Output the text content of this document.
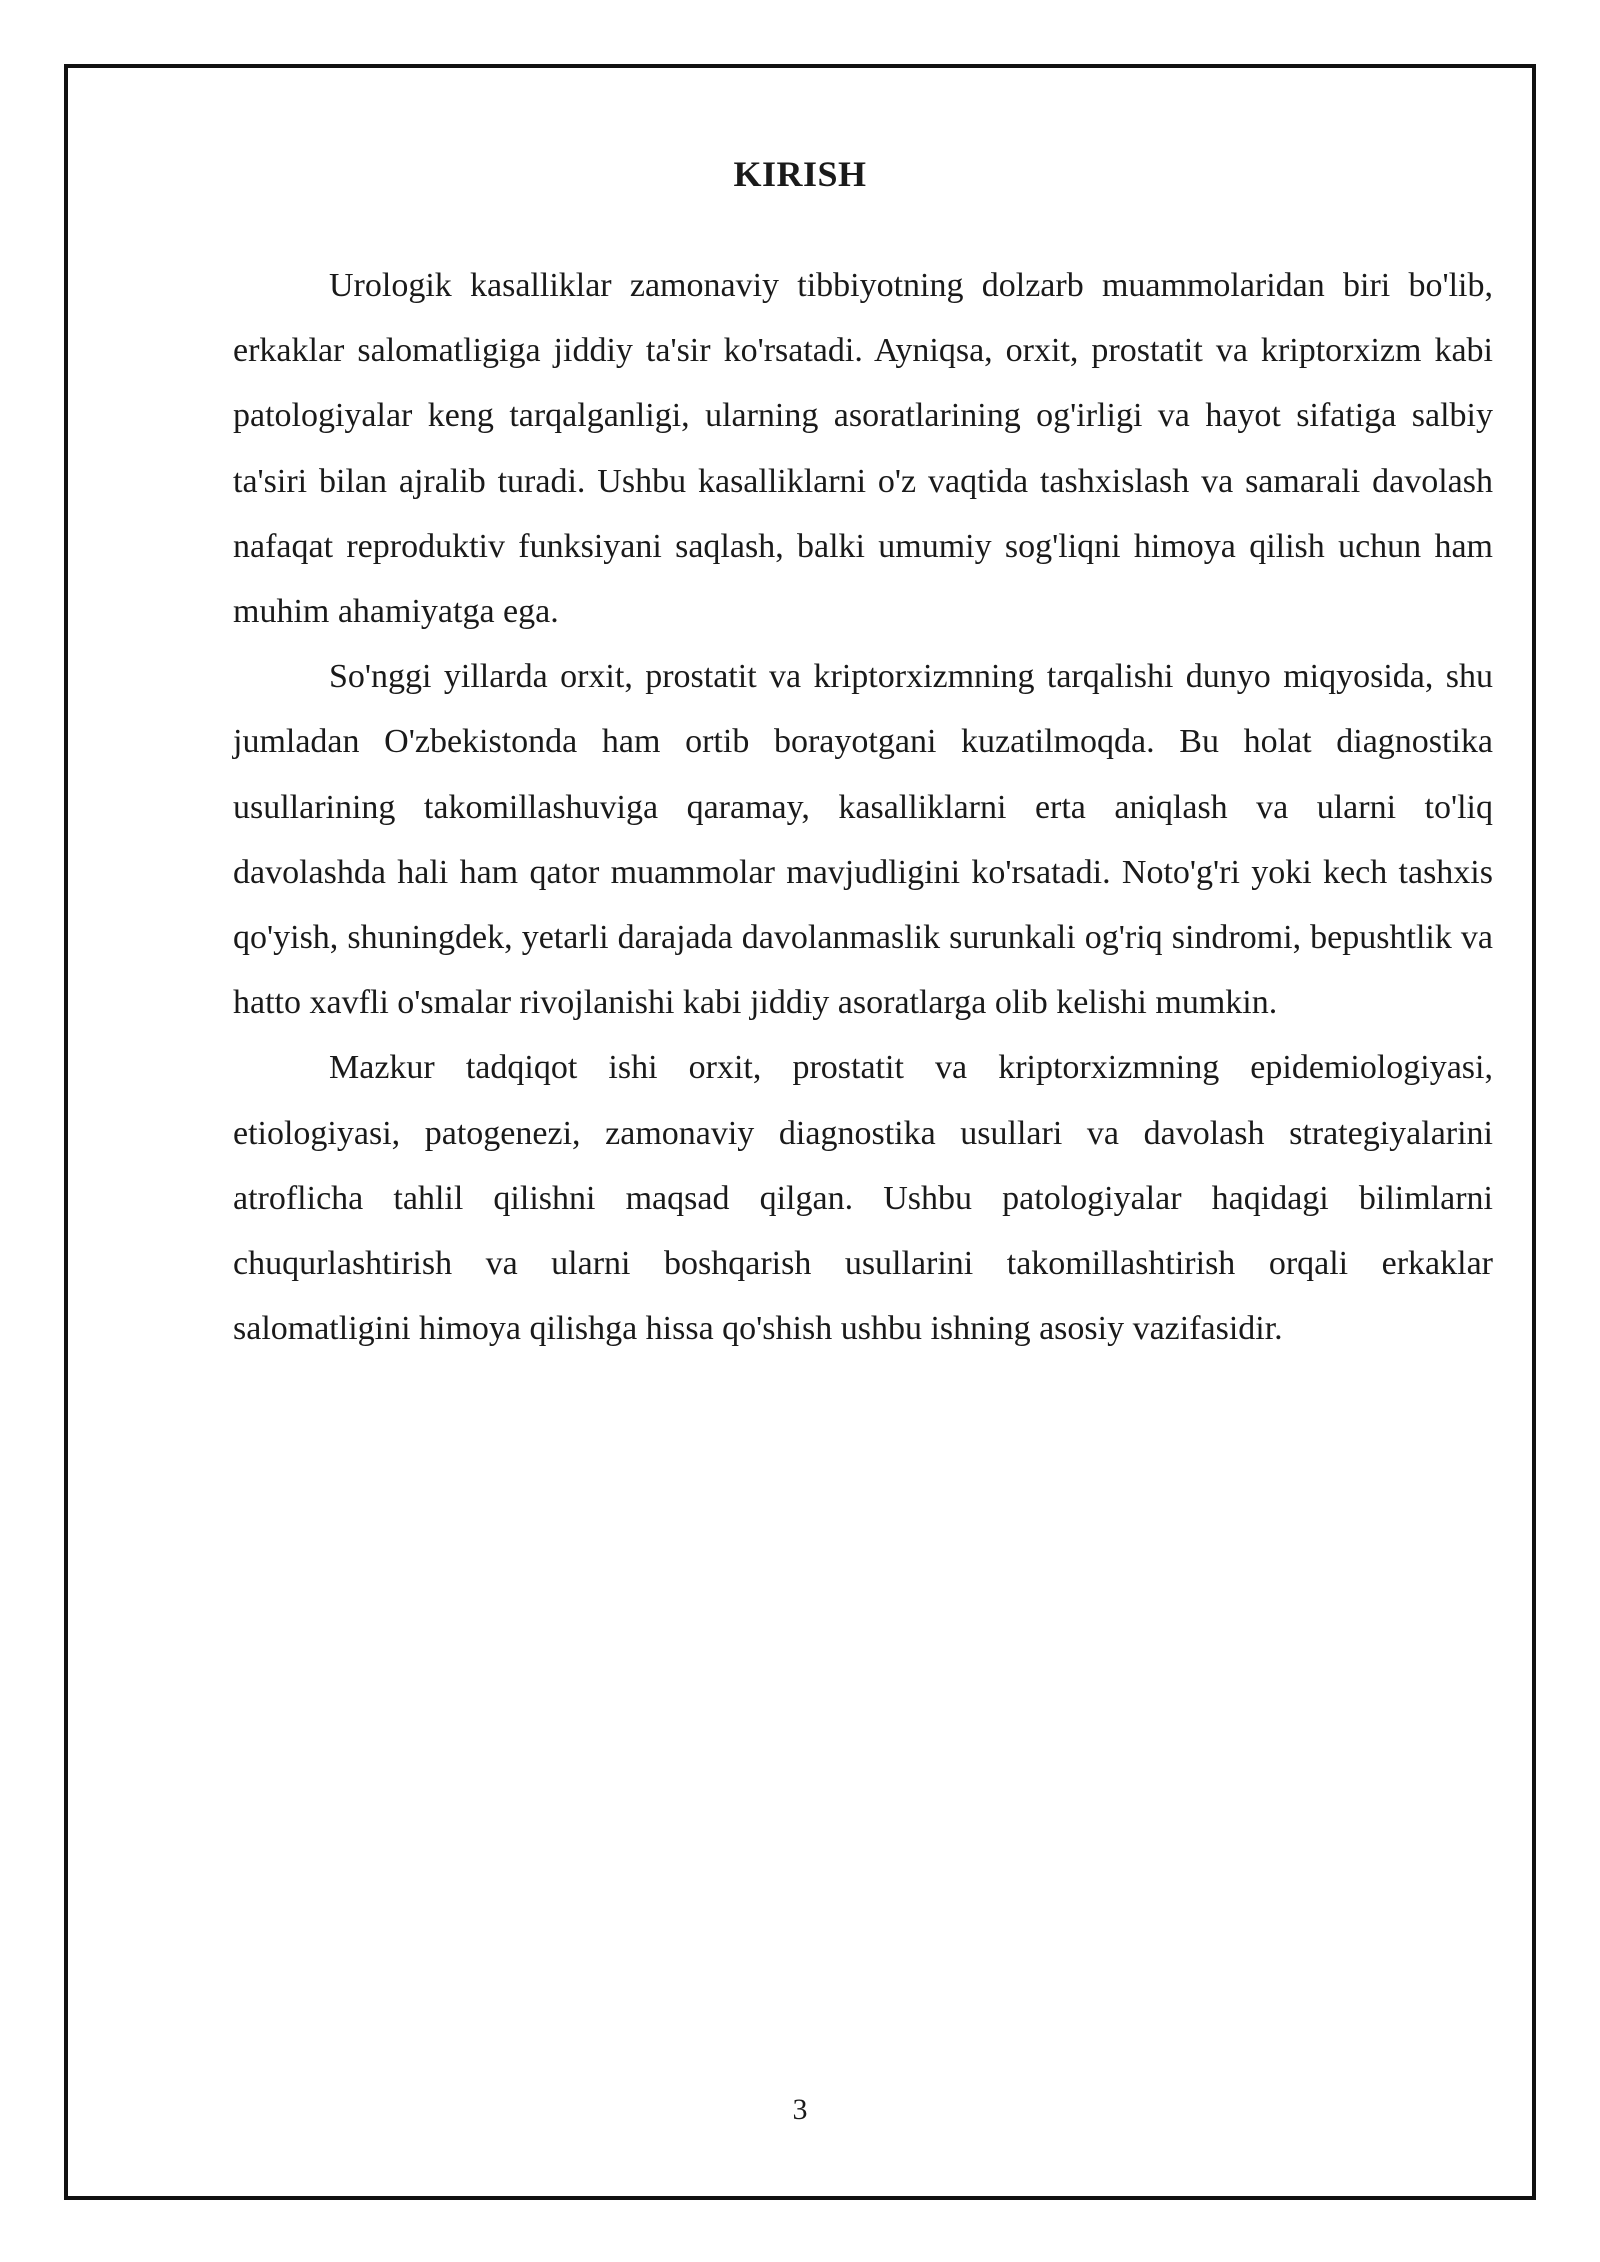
KIRISH

Urologik kasalliklar zamonaviy tibbiyotning dolzarb muammolaridan biri bo'lib, erkaklar salomatligiga jiddiy ta'sir ko'rsatadi. Ayniqsa, orxit, prostatit va kriptorxizm kabi patologiyalar keng tarqalganligi, ularning asoratlarining og'irligi va hayot sifatiga salbiy ta'siri bilan ajralib turadi. Ushbu kasalliklarni o'z vaqtida tashxislash va samarali davolash nafaqat reproduktiv funksiyani saqlash, balki umumiy sog'liqni himoya qilish uchun ham muhim ahamiyatga ega.

So'nggi yillarda orxit, prostatit va kriptorxizmning tarqalishi dunyo miqyosida, shu jumladan O'zbekistonda ham ortib borayotgani kuzatilmoqda. Bu holat diagnostika usullarining takomillashuviga qaramay, kasalliklarni erta aniqlash va ularni to'liq davolashda hali ham qator muammolar mavjudligini ko'rsatadi. Noto'g'ri yoki kech tashxis qo'yish, shuningdek, yetarli darajada davolanmaslik surunkali og'riq sindromi, bepushtlik va hatto xavfli o'smalar rivojlanishi kabi jiddiy asoratlarga olib kelishi mumkin.

Mazkur tadqiqot ishi orxit, prostatit va kriptorxizmning epidemiologiyasi, etiologiyasi, patogenezi, zamonaviy diagnostika usullari va davolash strategiyalarini atroflicha tahlil qilishni maqsad qilgan. Ushbu patologiyalar haqidagi bilimlarni chuqurlashtirish va ularni boshqarish usullarini takomillashtirish orqali erkaklar salomatligini himoya qilishga hissa qo'shish ushbu ishning asosiy vazifasidir.

3
